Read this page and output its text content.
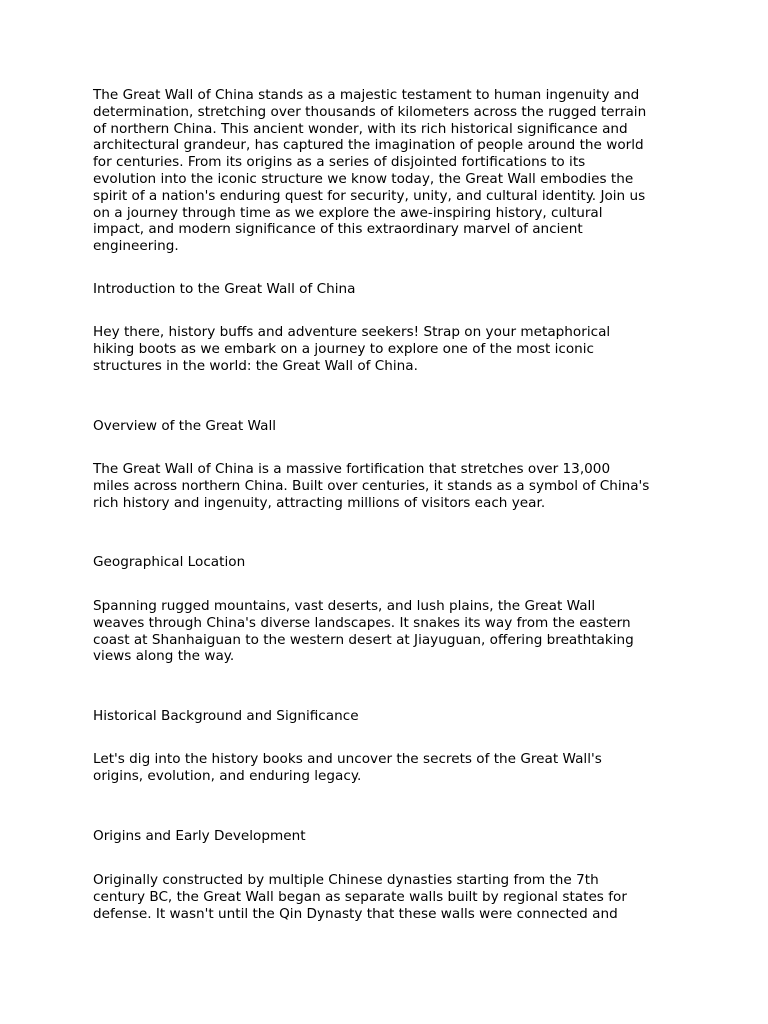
The Great Wall of China stands as a majestic testament to human ingenuity and
determination, stretching over thousands of kilometers across the rugged terrain
of northern China. This ancient wonder, with its rich historical significance and
architectural grandeur, has captured the imagination of people around the world
for centuries. From its origins as a series of disjointed fortifications to its
evolution into the iconic structure we know today, the Great Wall embodies the
spirit of a nation's enduring quest for security, unity, and cultural identity. Join us
on a journey through time as we explore the awe-inspiring history, cultural
impact, and modern significance of this extraordinary marvel of ancient
engineering.

Introduction to the Great Wall of China

Hey there, history buffs and adventure seekers! Strap on your metaphorical
hiking boots as we embark on a journey to explore one of the most iconic
structures in the world: the Great Wall of China.

Overview of the Great Wall

The Great Wall of China is a massive fortification that stretches over 13,000
miles across northern China. Built over centuries, it stands as a symbol of China's
rich history and ingenuity, attracting millions of visitors each year.

Geographical Location

Spanning rugged mountains, vast deserts, and lush plains, the Great Wall
weaves through China's diverse landscapes. It snakes its way from the eastern
coast at Shanhaiguan to the western desert at Jiayuguan, offering breathtaking
views along the way.

Historical Background and Significance

Let's dig into the history books and uncover the secrets of the Great Wall's
origins, evolution, and enduring legacy.

Origins and Early Development

Originally constructed by multiple Chinese dynasties starting from the 7th
century BC, the Great Wall began as separate walls built by regional states for
defense. It wasn't until the Qin Dynasty that these walls were connected and
